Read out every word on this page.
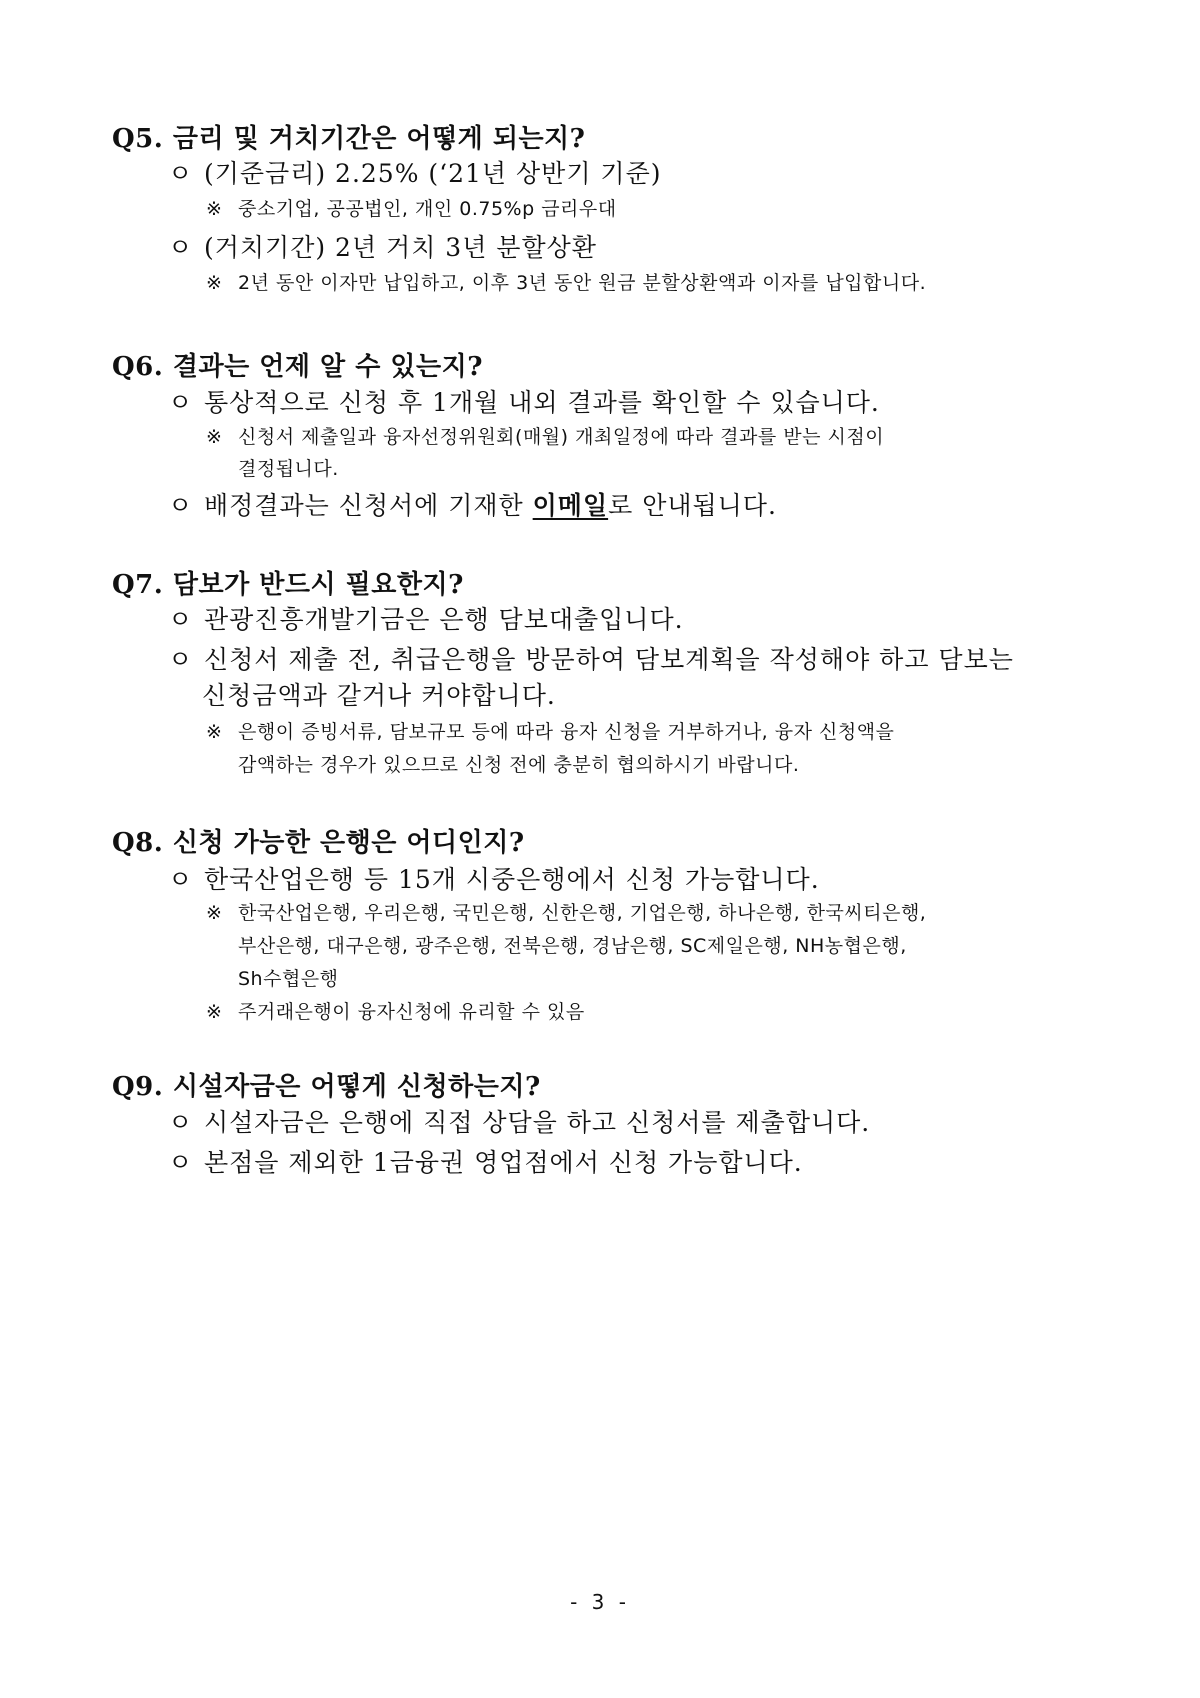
Q5. 금리 및 거치기간은 어떻게 되는지?
ㅇ (기준금리) 2.25% (‘21년 상반기 기준)
※ 중소기업, 공공법인, 개인 0.75%p 금리우대
ㅇ (거치기간) 2년 거치 3년 분할상환
※ 2년 동안 이자만 납입하고, 이후 3년 동안 원금 분할상환액과 이자를 납입합니다.
Q6. 결과는 언제 알 수 있는지?
ㅇ 통상적으로 신청 후 1개월 내외 결과를 확인할 수 있습니다.
※ 신청서 제출일과 융자선정위원회(매월) 개최일정에 따라 결과를 받는 시점이
결정됩니다.
ㅇ 배정결과는 신청서에 기재한 이메일로 안내됩니다.
Q7. 담보가 반드시 필요한지?
ㅇ 관광진흥개발기금은 은행 담보대출입니다.
ㅇ 신청서 제출 전, 취급은행을 방문하여 담보계획을 작성해야 하고 담보는
신청금액과 같거나 커야합니다.
※ 은행이 증빙서류, 담보규모 등에 따라 융자 신청을 거부하거나, 융자 신청액을
감액하는 경우가 있으므로 신청 전에 충분히 협의하시기 바랍니다.
Q8. 신청 가능한 은행은 어디인지?
ㅇ 한국산업은행 등 15개 시중은행에서 신청 가능합니다.
※ 한국산업은행, 우리은행, 국민은행, 신한은행, 기업은행, 하나은행, 한국씨티은행,
부산은행, 대구은행, 광주은행, 전북은행, 경남은행, SC제일은행, NH농협은행,
Sh수협은행
※ 주거래은행이 융자신청에 유리할 수 있음
Q9. 시설자금은 어떻게 신청하는지?
ㅇ 시설자금은 은행에 직접 상담을 하고 신청서를 제출합니다.
ㅇ 본점을 제외한 1금융권 영업점에서 신청 가능합니다.
- 3 -
